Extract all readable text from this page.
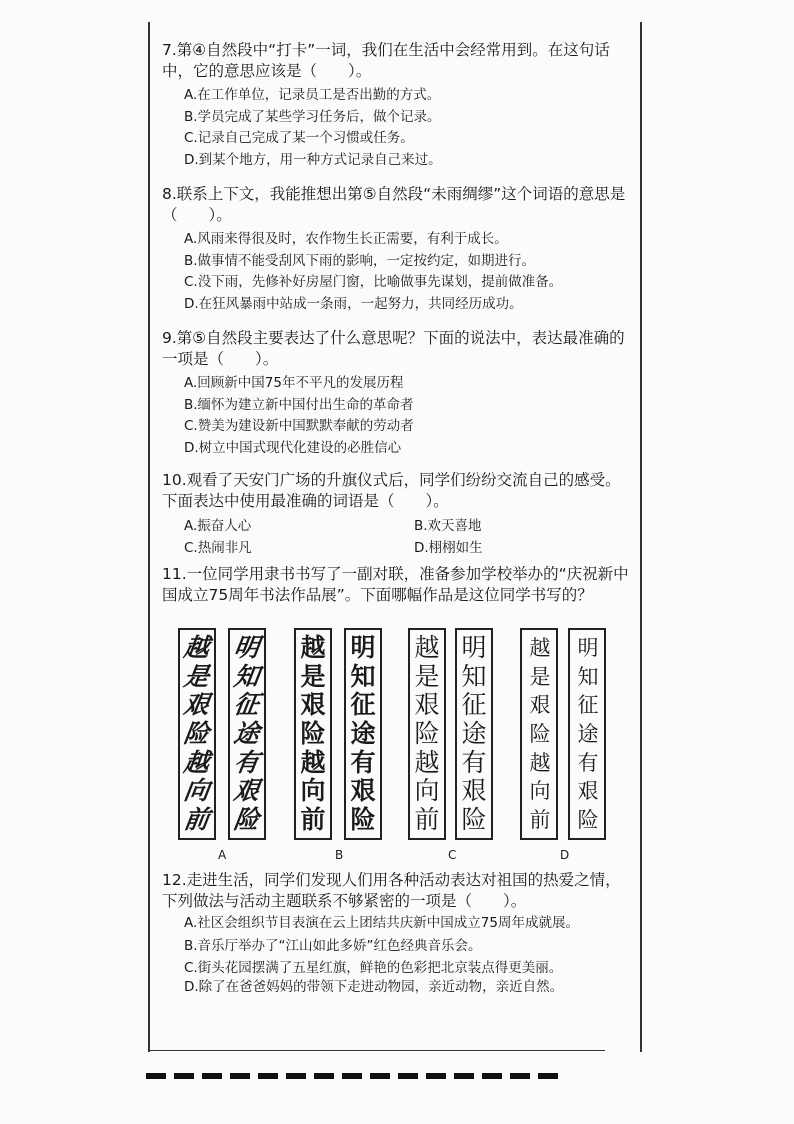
7.第④自然段中“打卡”一词，我们在生活中会经常用到。在这句话中，它的意思应该是（　　）。

A.在工作单位，记录员工是否出勤的方式。
B.学员完成了某些学习任务后，做个记录。
C.记录自己完成了某一个习惯或任务。
D.到某个地方，用一种方式记录自己来过。

8.联系上下文，我能推想出第⑤自然段“未雨绸缪”这个词语的意思是（　　）。

A.风雨来得很及时，农作物生长正需要，有利于成长。
B.做事情不能受刮风下雨的影响，一定按约定，如期进行。
C.没下雨，先修补好房屋门窗，比喻做事先谋划，提前做准备。
D.在狂风暴雨中站成一条雨，一起努力，共同经历成功。

9.第⑤自然段主要表达了什么意思呢？下面的说法中，表达最准确的一项是（　　）。

A.回顾新中国75年不平凡的发展历程
B.缅怀为建立新中国付出生命的革命者
C.赞美为建设新中国默默奉献的劳动者
D.树立中国式现代化建设的必胜信心

10.观看了天安门广场的升旗仪式后，同学们纷纷交流自己的感受。下面表达中使用最准确的词语是（　　）。

A.振奋人心	B.欢天喜地
C.热闹非凡	D.栩栩如生

11.一位同学用隶书书写了一副对联，准备参加学校举办的“庆祝新中国成立75周年书法作品展”。下面哪幅作品是这位同学书写的？

越
是
艰
险
越
向
前
明
知
征
途
有
艰
险
A
越
是
艰
险
越
向
前
明
知
征
途
有
艰
险
B
越
是
艰
险
越
向
前
明
知
征
途
有
艰
险
C
越
是
艰
险
越
向
前
明
知
征
途
有
艰
险
D

12.走进生活，同学们发现人们用各种活动表达对祖国的热爱之情，下列做法与活动主题联系不够紧密的一项是（　　）。

A.社区会组织节目表演在云上团结共庆新中国成立75周年成就展。
B.音乐厅举办了“江山如此多娇”红色经典音乐会。
C.街头花园摆满了五星红旗，鲜艳的色彩把北京装点得更美丽。
D.除了在爸爸妈妈的带领下走进动物园，亲近动物，亲近自然。
